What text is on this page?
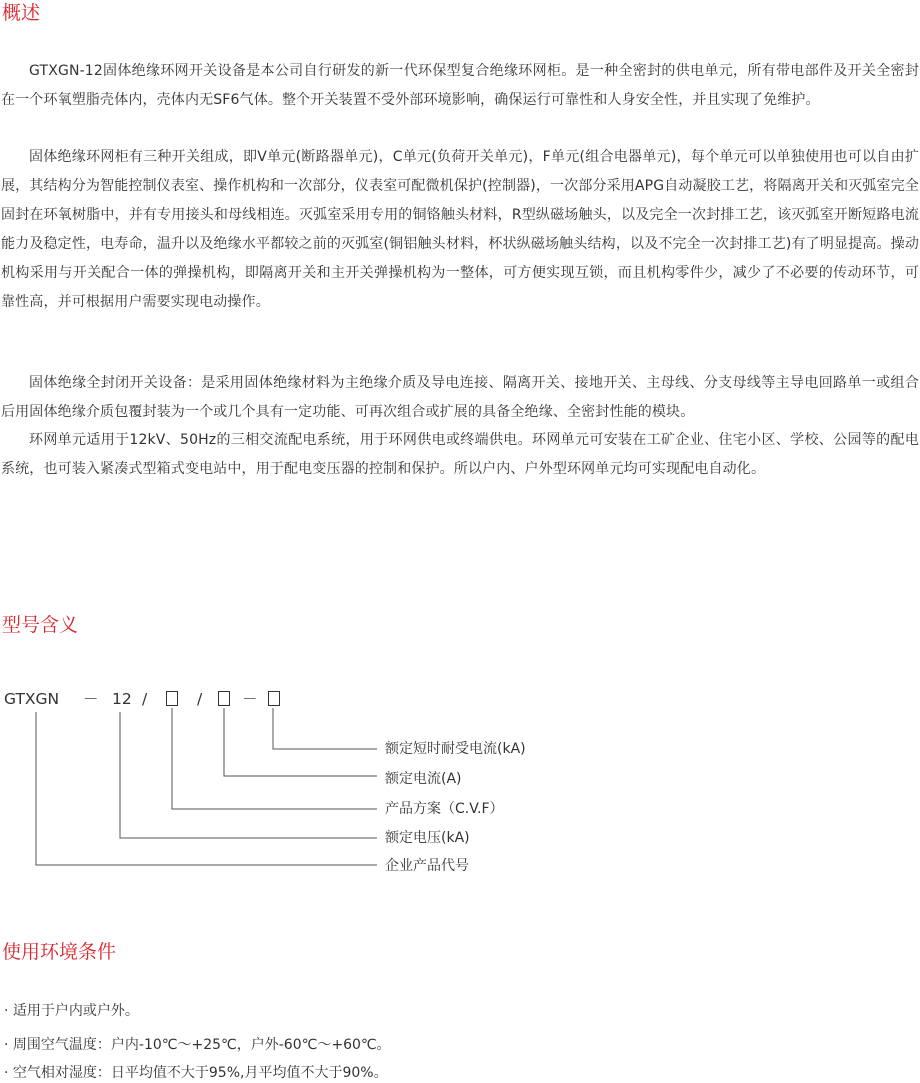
概述

GTXGN-12固体绝缘环网开关设备是本公司自行研发的新一代环保型复合绝缘环网柜。是一种全密封的供电单元，所有带电部件及开关全密封在一个环氧塑脂壳体内，壳体内无SF6气体。整个开关装置不受外部环境影响，确保运行可靠性和人身安全性，并且实现了免维护。

固体绝缘环网柜有三种开关组成，即V单元(断路器单元)，C单元(负荷开关单元)，F单元(组合电器单元)，每个单元可以单独使用也可以自由扩展，其结构分为智能控制仪表室、操作机构和一次部分，仪表室可配微机保护(控制器)，一次部分采用APG自动凝胶工艺，将隔离开关和灭弧室完全固封在环氧树脂中，并有专用接头和母线相连。灭弧室采用专用的铜铬触头材料，R型纵磁场触头，以及完全一次封排工艺，该灭弧室开断短路电流能力及稳定性，电寿命，温升以及绝缘水平都较之前的灭弧室(铜铝触头材料，杯状纵磁场触头结构，以及不完全一次封排工艺)有了明显提高。操动机构采用与开关配合一体的弹操机构，即隔离开关和主开关弹操机构为一整体，可方便实现互锁，而且机构零件少，减少了不必要的传动环节，可靠性高，并可根据用户需要实现电动操作。

固体绝缘全封闭开关设备：是采用固体绝缘材料为主绝缘介质及导电连接、隔离开关、接地开关、主母线、分支母线等主导电回路单一或组合后用固体绝缘介质包覆封装为一个或几个具有一定功能、可再次组合或扩展的具备全绝缘、全密封性能的模块。

环网单元适用于12kV、50Hz的三相交流配电系统，用于环网供电或终端供电。环网单元可安装在工矿企业、住宅小区、学校、公园等的配电系统，也可装入紧凑式型箱式变电站中，用于配电变压器的控制和保护。所以户内、户外型环网单元均可实现配电自动化。

型号含义
GTXGN － 12 /	/	－
额定短时耐受电流(kA)
额定电流(A)
产品方案（C.V.F）
额定电压(kA)
企业产品代号
使用环境条件
· 适用于户内或户外。
· 周围空气温度：户内-10℃～+25℃，户外-60℃～+60℃。
· 空气相对湿度：日平均值不大于95%,月平均值不大于90%。
